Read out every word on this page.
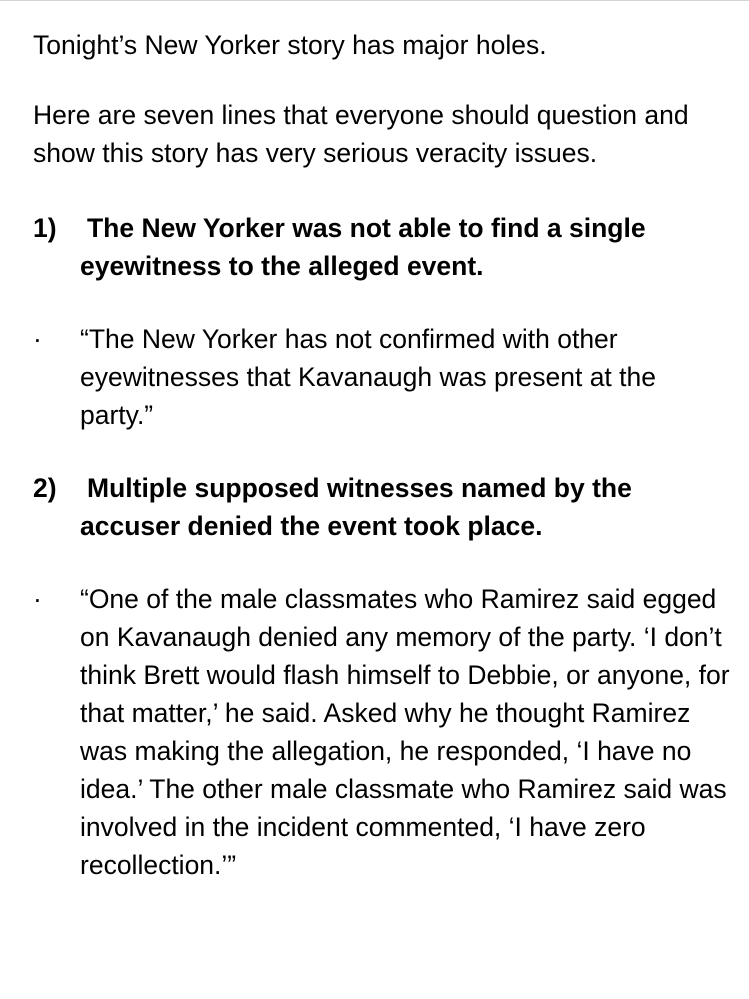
Tonight’s New Yorker story has major holes.

Here are seven lines that everyone should question and show this story has very serious veracity issues.

1) The New Yorker was not able to find a single eyewitness to the alleged event.
· “The New Yorker has not confirmed with other eyewitnesses that Kavanaugh was present at the party.”
2) Multiple supposed witnesses named by the accuser denied the event took place.
· “One of the male classmates who Ramirez said egged on Kavanaugh denied any memory of the party. ‘I don’t think Brett would flash himself to Debbie, or anyone, for that matter,’ he said. Asked why he thought Ramirez was making the allegation, he responded, ‘I have no idea.’ The other male classmate who Ramirez said was involved in the incident commented, ‘I have zero recollection.’”
